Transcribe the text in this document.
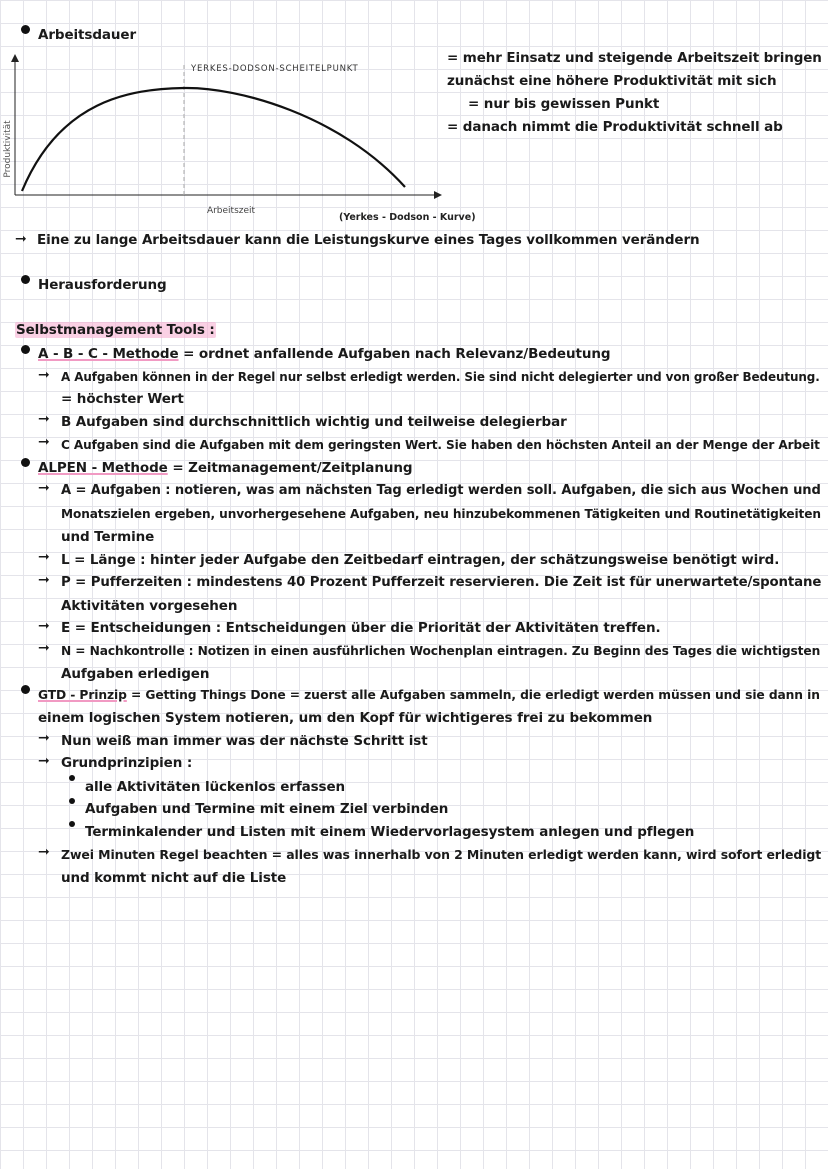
Arbeitsdauer
YERKES-DODSON-SCHEITELPUNKT
Produktivität
Arbeitszeit
(Yerkes - Dodson - Kurve)
= mehr Einsatz und steigende Arbeitszeit bringen
zunächst eine höhere Produktivität mit sich
= nur bis gewissen Punkt
= danach nimmt die Produktivität schnell ab
➞ Eine zu lange Arbeitsdauer kann die Leistungskurve eines Tages vollkommen verändern
Herausforderung
Selbstmanagement Tools :
A - B - C - Methode = ordnet anfallende Aufgaben nach Relevanz/Bedeutung
➞ A Aufgaben können in der Regel nur selbst erledigt werden. Sie sind nicht delegierter und von großer Bedeutung.
= höchster Wert
➞ B Aufgaben sind durchschnittlich wichtig und teilweise delegierbar
➞ C Aufgaben sind die Aufgaben mit dem geringsten Wert. Sie haben den höchsten Anteil an der Menge der Arbeit
ALPEN - Methode = Zeitmanagement/Zeitplanung
➞ A = Aufgaben : notieren, was am nächsten Tag erledigt werden soll. Aufgaben, die sich aus Wochen und
Monatszielen ergeben, unvorhergesehene Aufgaben, neu hinzubekommenen Tätigkeiten und Routinetätigkeiten
und Termine
➞ L = Länge : hinter jeder Aufgabe den Zeitbedarf eintragen, der schätzungsweise benötigt wird.
➞ P = Pufferzeiten : mindestens 40 Prozent Pufferzeit reservieren. Die Zeit ist für unerwartete/spontane
Aktivitäten vorgesehen
➞ E = Entscheidungen : Entscheidungen über die Priorität der Aktivitäten treffen.
➞ N = Nachkontrolle : Notizen in einen ausführlichen Wochenplan eintragen. Zu Beginn des Tages die wichtigsten
Aufgaben erledigen
GTD - Prinzip = Getting Things Done = zuerst alle Aufgaben sammeln, die erledigt werden müssen und sie dann in
einem logischen System notieren, um den Kopf für wichtigeres frei zu bekommen
➞ Nun weiß man immer was der nächste Schritt ist
➞ Grundprinzipien :
alle Aktivitäten lückenlos erfassen
Aufgaben und Termine mit einem Ziel verbinden
Terminkalender und Listen mit einem Wiedervorlagesystem anlegen und pflegen
➞ Zwei Minuten Regel beachten = alles was innerhalb von 2 Minuten erledigt werden kann, wird sofort erledigt
und kommt nicht auf die Liste
